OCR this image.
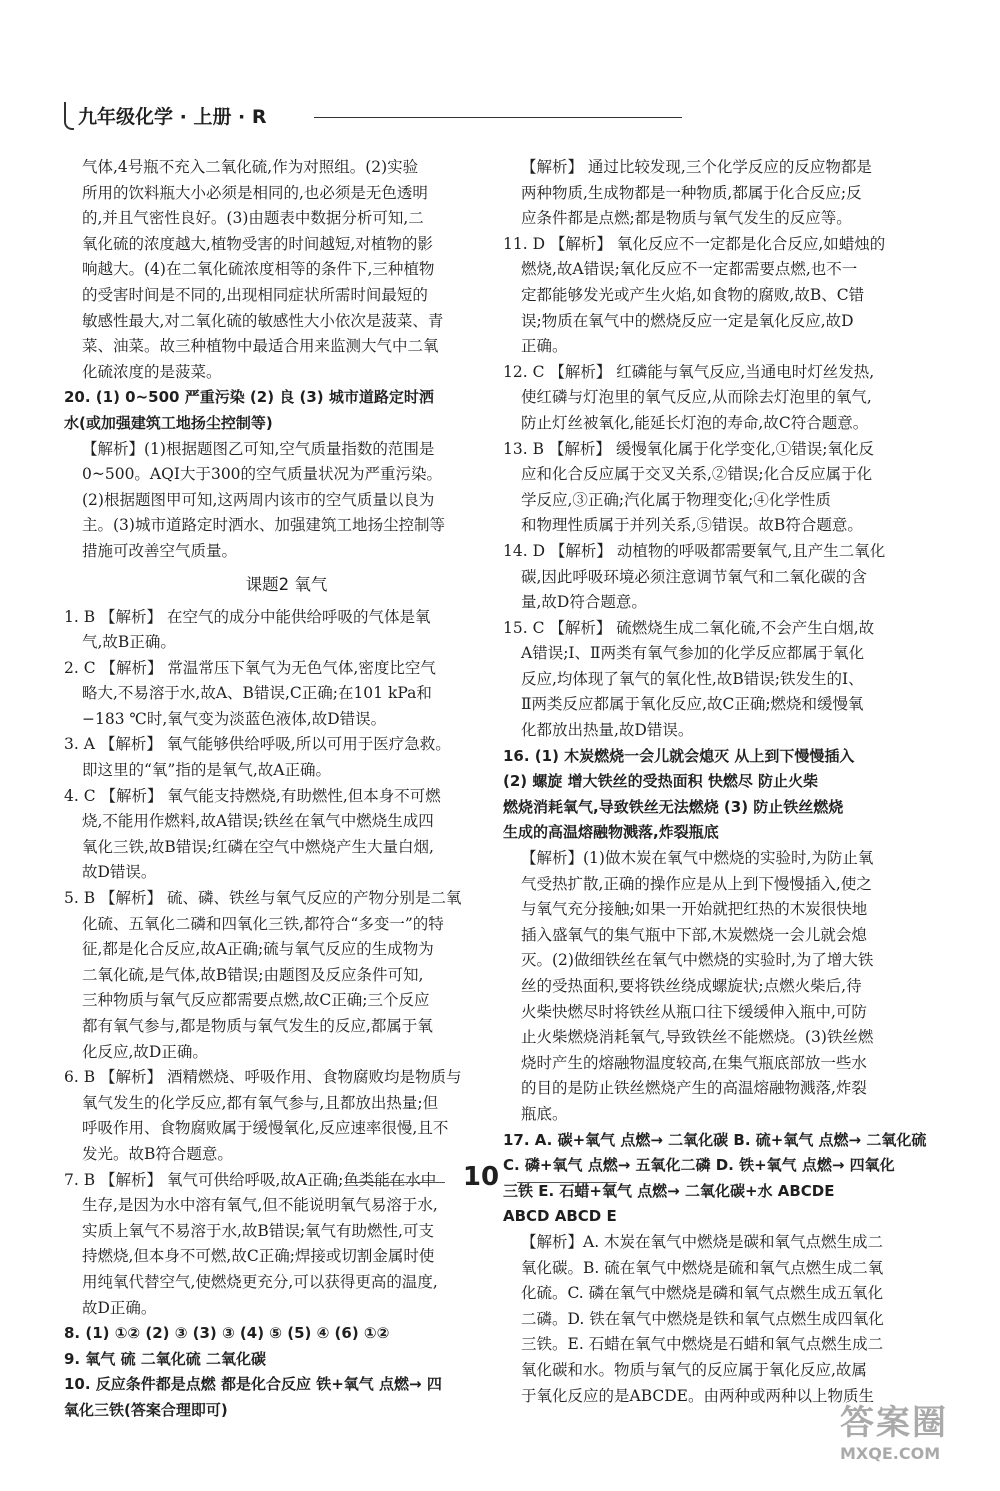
九年级化学 · 上册 · R
气体,4号瓶不充入二氧化硫,作为对照组。(2)实验
所用的饮料瓶大小必须是相同的,也必须是无色透明
的,并且气密性良好。(3)由题表中数据分析可知,二
氧化硫的浓度越大,植物受害的时间越短,对植物的影
响越大。(4)在二氧化硫浓度相等的条件下,三种植物
的受害时间是不同的,出现相同症状所需时间最短的
敏感性最大,对二氧化硫的敏感性大小依次是菠菜、青
菜、油菜。故三种植物中最适合用来监测大气中二氧
化硫浓度的是菠菜。
20. (1) 0~500 严重污染 (2) 良 (3) 城市道路定时洒
水(或加强建筑工地扬尘控制等)
【解析】(1)根据题图乙可知,空气质量指数的范围是
0~500。AQI大于300的空气质量状况为严重污染。
(2)根据题图甲可知,这两周内该市的空气质量以良为
主。(3)城市道路定时洒水、加强建筑工地扬尘控制等
措施可改善空气质量。
课题2 氧气
1. B 【解析】 在空气的成分中能供给呼吸的气体是氧
气,故B正确。
2. C 【解析】 常温常压下氧气为无色气体,密度比空气
略大,不易溶于水,故A、B错误,C正确;在101 kPa和
−183 ℃时,氧气变为淡蓝色液体,故D错误。
3. A 【解析】 氧气能够供给呼吸,所以可用于医疗急救。
即这里的“氧”指的是氧气,故A正确。
4. C 【解析】 氧气能支持燃烧,有助燃性,但本身不可燃
烧,不能用作燃料,故A错误;铁丝在氧气中燃烧生成四
氧化三铁,故B错误;红磷在空气中燃烧产生大量白烟,
故D错误。
5. B 【解析】 硫、磷、铁丝与氧气反应的产物分别是二氧
化硫、五氧化二磷和四氧化三铁,都符合“多变一”的特
征,都是化合反应,故A正确;硫与氧气反应的生成物为
二氧化硫,是气体,故B错误;由题图及反应条件可知,
三种物质与氧气反应都需要点燃,故C正确;三个反应
都有氧气参与,都是物质与氧气发生的反应,都属于氧
化反应,故D正确。
6. B 【解析】 酒精燃烧、呼吸作用、食物腐败均是物质与
氧气发生的化学反应,都有氧气参与,且都放出热量;但
呼吸作用、食物腐败属于缓慢氧化,反应速率很慢,且不
发光。故B符合题意。
7. B 【解析】 氧气可供给呼吸,故A正确;鱼类能在水中
生存,是因为水中溶有氧气,但不能说明氧气易溶于水,
实质上氧气不易溶于水,故B错误;氧气有助燃性,可支
持燃烧,但本身不可燃,故C正确;焊接或切割金属时使
用纯氧代替空气,使燃烧更充分,可以获得更高的温度,
故D正确。
8. (1) ①② (2) ③ (3) ③ (4) ⑤ (5) ④ (6) ①②
9. 氧气 硫 二氧化硫 二氧化碳
10. 反应条件都是点燃 都是化合反应 铁+氧气 点燃→ 四
氧化三铁(答案合理即可)
【解析】 通过比较发现,三个化学反应的反应物都是
两种物质,生成物都是一种物质,都属于化合反应;反
应条件都是点燃;都是物质与氧气发生的反应等。
11. D 【解析】 氧化反应不一定都是化合反应,如蜡烛的
燃烧,故A错误;氧化反应不一定都需要点燃,也不一
定都能够发光或产生火焰,如食物的腐败,故B、C错
误;物质在氧气中的燃烧反应一定是氧化反应,故D
正确。
12. C 【解析】 红磷能与氧气反应,当通电时灯丝发热,
使红磷与灯泡里的氧气反应,从而除去灯泡里的氧气,
防止灯丝被氧化,能延长灯泡的寿命,故C符合题意。
13. B 【解析】 缓慢氧化属于化学变化,①错误;氧化反
应和化合反应属于交叉关系,②错误;化合反应属于化
学反应,③正确;汽化属于物理变化;④化学性质
和物理性质属于并列关系,⑤错误。故B符合题意。
14. D 【解析】 动植物的呼吸都需要氧气,且产生二氧化
碳,因此呼吸环境必须注意调节氧气和二氧化碳的含
量,故D符合题意。
15. C 【解析】 硫燃烧生成二氧化硫,不会产生白烟,故
A错误;Ⅰ、Ⅱ两类有氧气参加的化学反应都属于氧化
反应,均体现了氧气的氧化性,故B错误;铁发生的Ⅰ、
Ⅱ两类反应都属于氧化反应,故C正确;燃烧和缓慢氧
化都放出热量,故D错误。
16. (1) 木炭燃烧一会儿就会熄灭 从上到下慢慢插入
(2) 螺旋 增大铁丝的受热面积 快燃尽 防止火柴
燃烧消耗氧气,导致铁丝无法燃烧 (3) 防止铁丝燃烧
生成的高温熔融物溅落,炸裂瓶底
【解析】(1)做木炭在氧气中燃烧的实验时,为防止氧
气受热扩散,正确的操作应是从上到下慢慢插入,使之
与氧气充分接触;如果一开始就把红热的木炭很快地
插入盛氧气的集气瓶中下部,木炭燃烧一会儿就会熄
灭。(2)做细铁丝在氧气中燃烧的实验时,为了增大铁
丝的受热面积,要将铁丝绕成螺旋状;点燃火柴后,待
火柴快燃尽时将铁丝从瓶口往下缓缓伸入瓶中,可防
止火柴燃烧消耗氧气,导致铁丝不能燃烧。(3)铁丝燃
烧时产生的熔融物温度较高,在集气瓶底部放一些水
的目的是防止铁丝燃烧产生的高温熔融物溅落,炸裂
瓶底。
17. A. 碳+氧气 点燃→ 二氧化碳 B. 硫+氧气 点燃→ 二氧化硫
C. 磷+氧气 点燃→ 五氧化二磷 D. 铁+氧气 点燃→ 四氧化
三铁 E. 石蜡+氧气 点燃→ 二氧化碳+水 ABCDE
ABCD ABCD E
【解析】A. 木炭在氧气中燃烧是碳和氧气点燃生成二
氧化碳。B. 硫在氧气中燃烧是硫和氧气点燃生成二氧
化硫。C. 磷在氧气中燃烧是磷和氧气点燃生成五氧化
二磷。D. 铁在氧气中燃烧是铁和氧气点燃生成四氧化
三铁。E. 石蜡在氧气中燃烧是石蜡和氧气点燃生成二
氧化碳和水。物质与氧气的反应属于氧化反应,故属
于氧化反应的是ABCDE。由两种或两种以上物质生
10
答案圈
MXQE.COM
